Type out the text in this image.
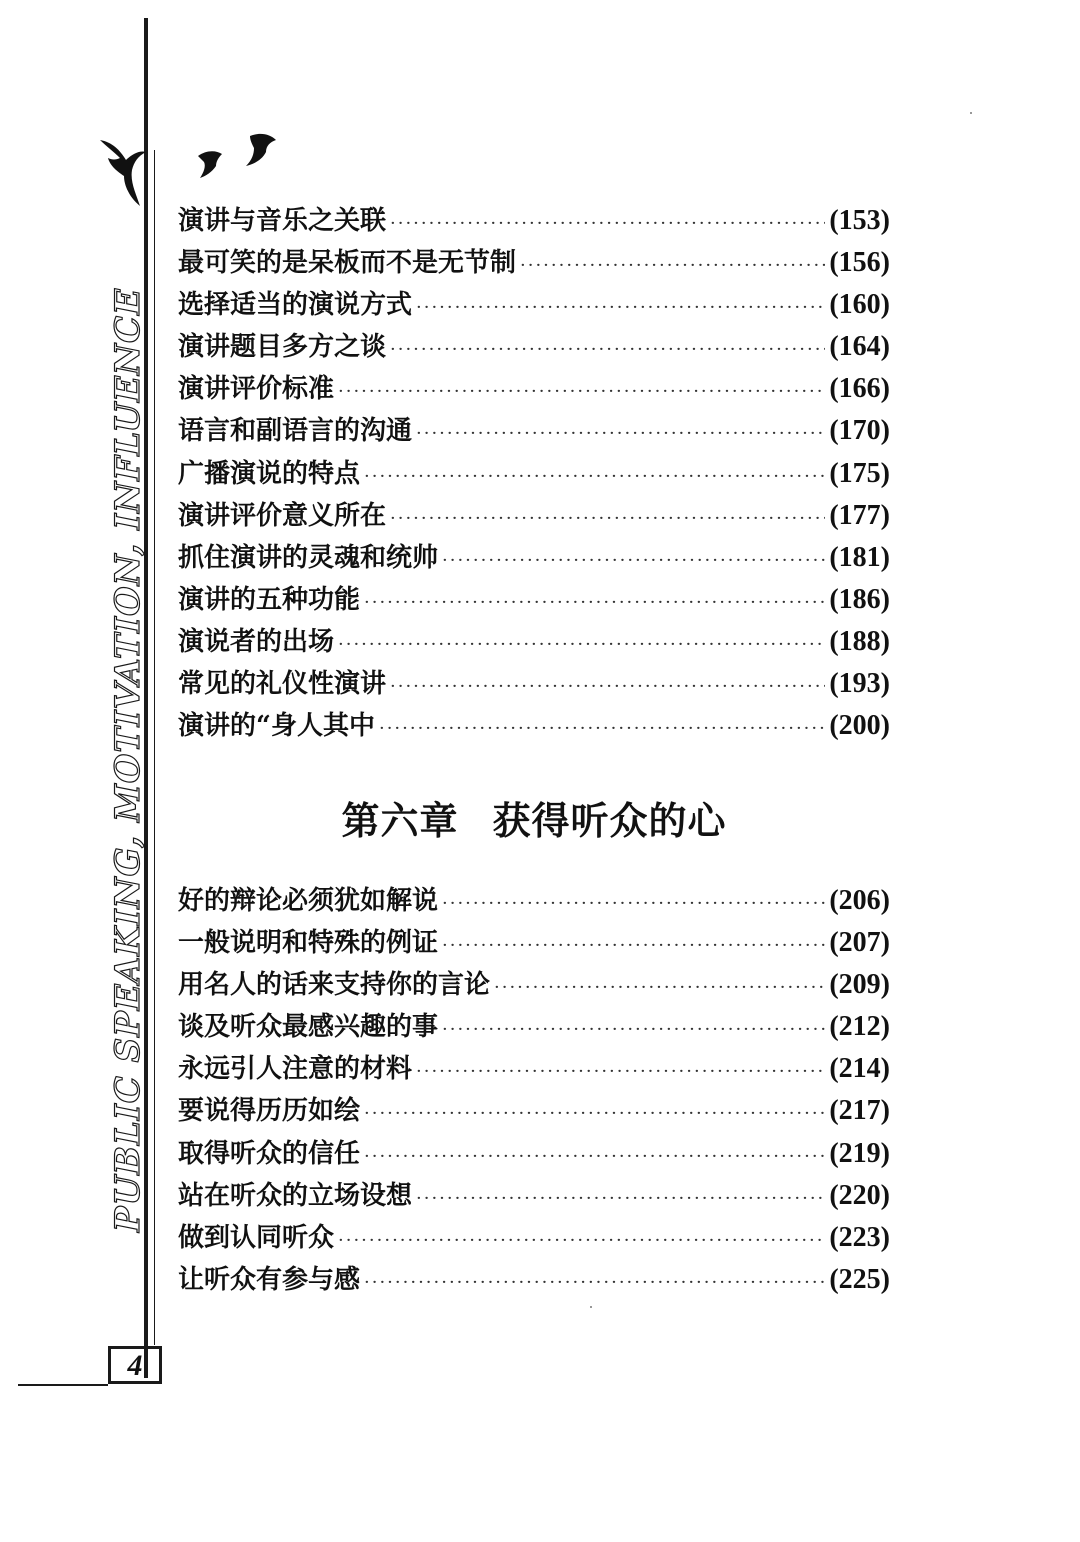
PUBLIC SPEAKING, MOTIVATION, INFLUENCE
演讲与音乐之关联 ·····	(153)
最可笑的是呆板而不是无节制 ·····	(156)
选择适当的演说方式 ·····	(160)
演讲题目多方之谈 ·····	(164)
演讲评价标准 ·····	(166)
语言和副语言的沟通 ·····	(170)
广播演说的特点 ·····	(175)
演讲评价意义所在 ·····	(177)
抓住演讲的灵魂和统帅 ·····	(181)
演讲的五种功能 ·····	(186)
演说者的出场 ·····	(188)
常见的礼仪性演讲 ·····	(193)
演讲的“身人其中 ·····	(200)
第六章 获得听众的心
好的辩论必须犹如解说 ·····	(206)
一般说明和特殊的例证 ·····	(207)
用名人的话来支持你的言论 ·····	(209)
谈及听众最感兴趣的事 ·····	(212)
永远引人注意的材料 ·····	(214)
要说得历历如绘 ·····	(217)
取得听众的信任 ·····	(219)
站在听众的立场设想 ·····	(220)
做到认同听众 ·····	(223)
让听众有参与感 ·····	(225)
4
